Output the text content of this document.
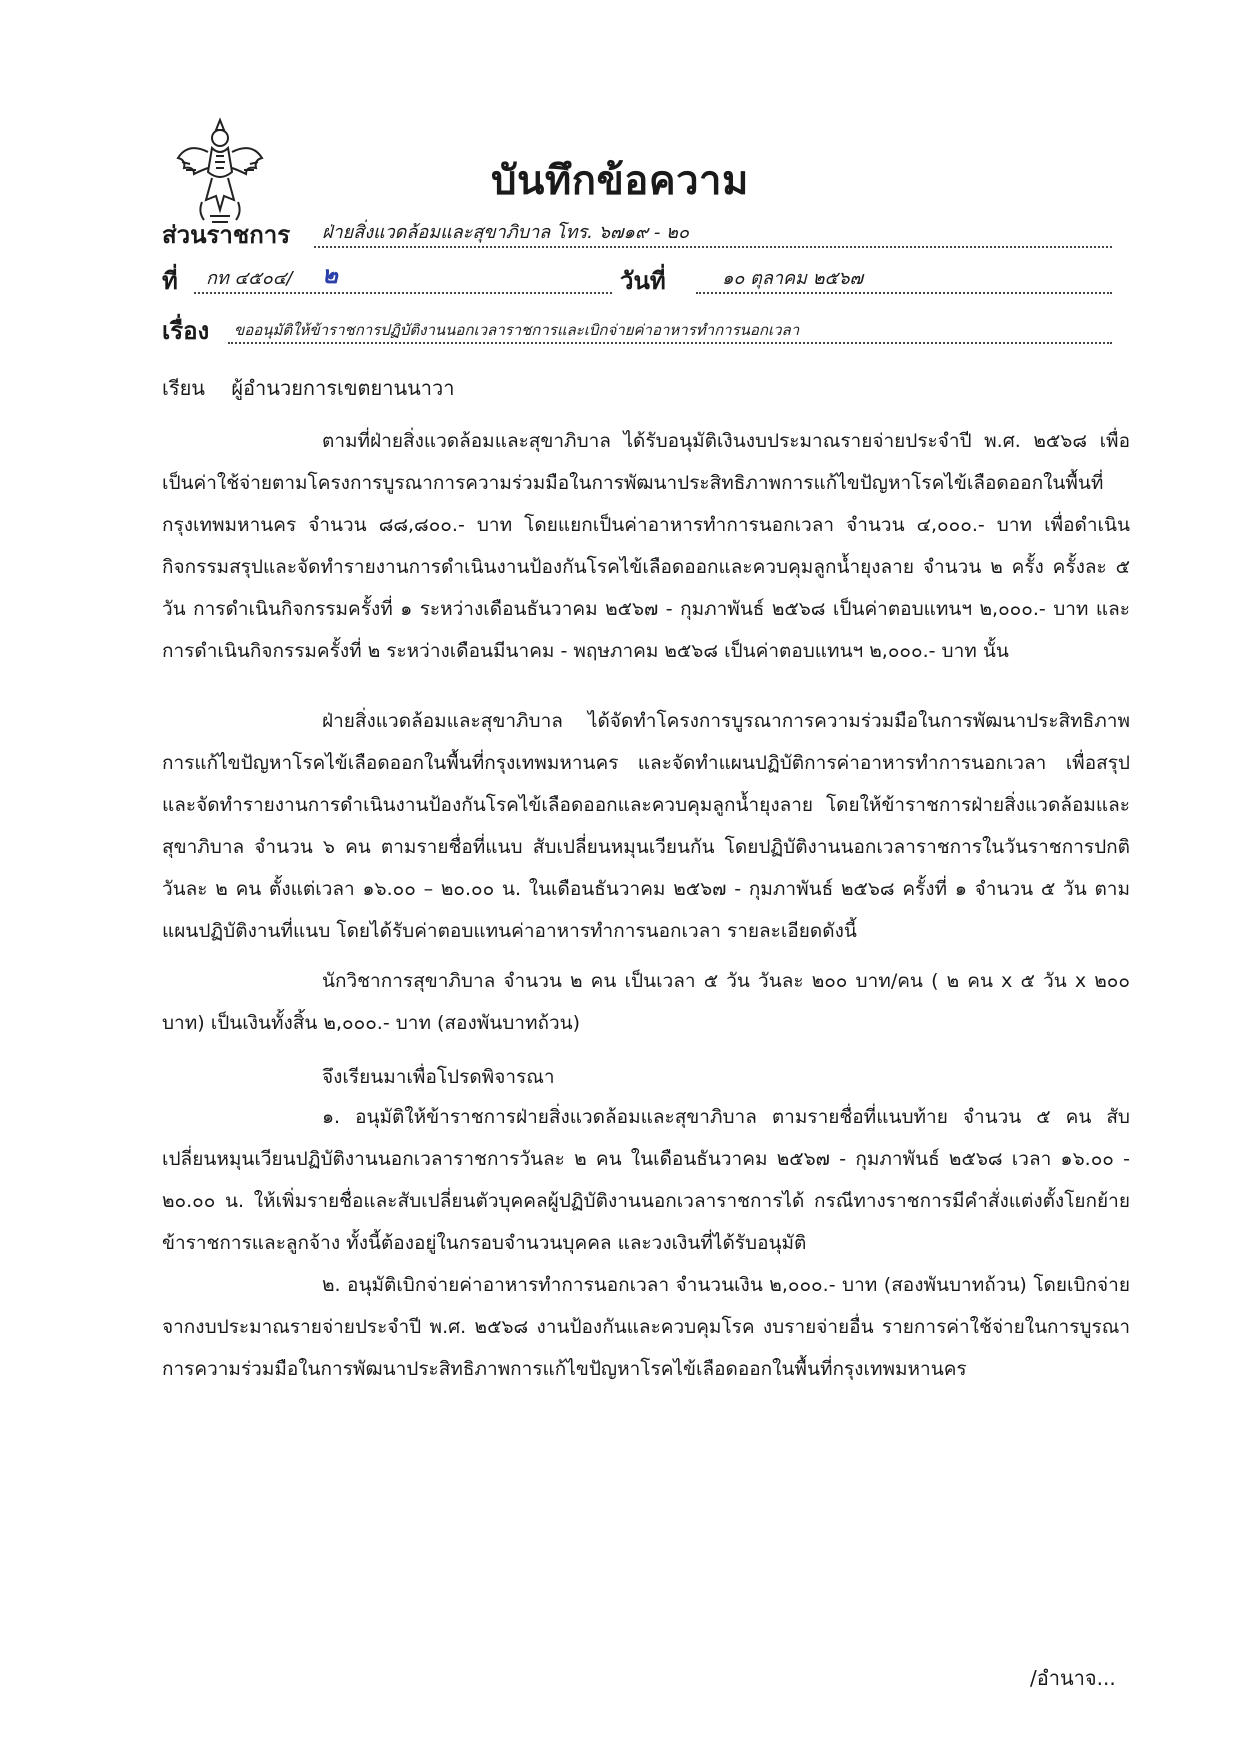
บันทึกข้อความ
ส่วนราชการ ฝ่ายสิ่งแวดล้อมและสุขาภิบาล โทร. ๖๗๑๙ - ๒๐
ที่ กท ๔๕๐๔/ ๒	วันที่	๑๐ ตุลาคม ๒๕๖๗
เรื่อง ขออนุมัติให้ข้าราชการปฏิบัติงานนอกเวลาราชการและเบิกจ่ายค่าอาหารทำการนอกเวลา
เรียน ผู้อำนวยการเขตยานนาวา

ตามที่ฝ่ายสิ่งแวดล้อมและสุขาภิบาล ได้รับอนุมัติเงินงบประมาณรายจ่ายประจำปี พ.ศ. ๒๕๖๘ เพื่อเป็นค่าใช้จ่ายตามโครงการบูรณาการความร่วมมือในการพัฒนาประสิทธิภาพการแก้ไขปัญหาโรคไข้เลือดออกในพื้นที่กรุงเทพมหานคร จำนวน ๘๘,๘๐๐.- บาท โดยแยกเป็นค่าอาหารทำการนอกเวลา จำนวน ๔,๐๐๐.- บาท เพื่อดำเนินกิจกรรมสรุปและจัดทำรายงานการดำเนินงานป้องกันโรคไข้เลือดออกและควบคุมลูกน้ำยุงลาย จำนวน ๒ ครั้ง ครั้งละ ๕ วัน การดำเนินกิจกรรมครั้งที่ ๑ ระหว่างเดือนธันวาคม ๒๕๖๗ - กุมภาพันธ์ ๒๕๖๘ เป็นค่าตอบแทนฯ ๒,๐๐๐.- บาท และการดำเนินกิจกรรมครั้งที่ ๒ ระหว่างเดือนมีนาคม - พฤษภาคม ๒๕๖๘ เป็นค่าตอบแทนฯ ๒,๐๐๐.- บาท นั้น

ฝ่ายสิ่งแวดล้อมและสุขาภิบาล ได้จัดทำโครงการบูรณาการความร่วมมือในการพัฒนาประสิทธิภาพการแก้ไขปัญหาโรคไข้เลือดออกในพื้นที่กรุงเทพมหานคร และจัดทำแผนปฏิบัติการค่าอาหารทำการนอกเวลา เพื่อสรุปและจัดทำรายงานการดำเนินงานป้องกันโรคไข้เลือดออกและควบคุมลูกน้ำยุงลาย โดยให้ข้าราชการฝ่ายสิ่งแวดล้อมและสุขาภิบาล จำนวน ๖ คน ตามรายชื่อที่แนบ สับเปลี่ยนหมุนเวียนกัน โดยปฏิบัติงานนอกเวลาราชการในวันราชการปกติ วันละ ๒ คน ตั้งแต่เวลา ๑๖.๐๐ – ๒๐.๐๐ น. ในเดือนธันวาคม ๒๕๖๗ - กุมภาพันธ์ ๒๕๖๘ ครั้งที่ ๑ จำนวน ๕ วัน ตามแผนปฏิบัติงานที่แนบ โดยได้รับค่าตอบแทนค่าอาหารทำการนอกเวลา รายละเอียดดังนี้

นักวิชาการสุขาภิบาล จำนวน ๒ คน เป็นเวลา ๕ วัน วันละ ๒๐๐ บาท/คน ( ๒ คน x ๕ วัน x ๒๐๐ บาท) เป็นเงินทั้งสิ้น ๒,๐๐๐.- บาท (สองพันบาทถ้วน)

จึงเรียนมาเพื่อโปรดพิจารณา

๑. อนุมัติให้ข้าราชการฝ่ายสิ่งแวดล้อมและสุขาภิบาล ตามรายชื่อที่แนบท้าย จำนวน ๕ คน สับเปลี่ยนหมุนเวียนปฏิบัติงานนอกเวลาราชการวันละ ๒ คน ในเดือนธันวาคม ๒๕๖๗ - กุมภาพันธ์ ๒๕๖๘ เวลา ๑๖.๐๐ - ๒๐.๐๐ น. ให้เพิ่มรายชื่อและสับเปลี่ยนตัวบุคคลผู้ปฏิบัติงานนอกเวลาราชการได้ กรณีทางราชการมีคำสั่งแต่งตั้งโยกย้ายข้าราชการและลูกจ้าง ทั้งนี้ต้องอยู่ในกรอบจำนวนบุคคล และวงเงินที่ได้รับอนุมัติ

๒. อนุมัติเบิกจ่ายค่าอาหารทำการนอกเวลา จำนวนเงิน ๒,๐๐๐.- บาท (สองพันบาทถ้วน) โดยเบิกจ่ายจากงบประมาณรายจ่ายประจำปี พ.ศ. ๒๕๖๘ งานป้องกันและควบคุมโรค งบรายจ่ายอื่น รายการค่าใช้จ่ายในการบูรณาการความร่วมมือในการพัฒนาประสิทธิภาพการแก้ไขปัญหาโรคไข้เลือดออกในพื้นที่กรุงเทพมหานคร

/อำนาจ...
